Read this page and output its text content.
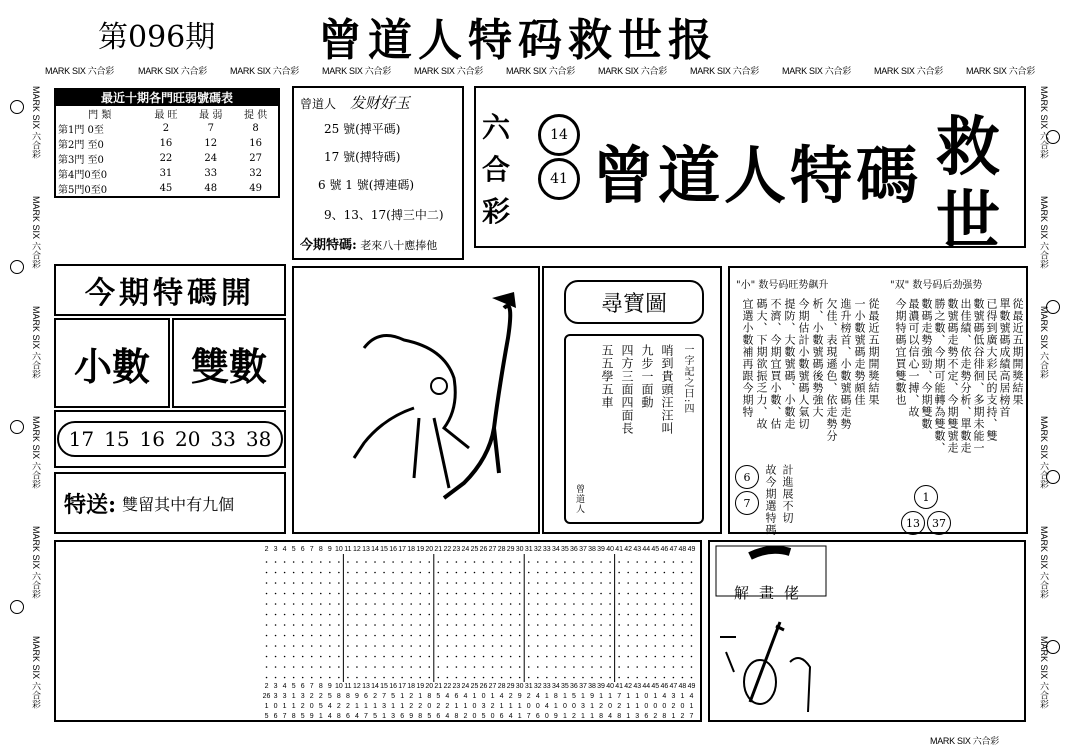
第096期 曾道人特码救世报
MARK SIX 六合彩	MARK SIX 六合彩	MARK SIX 六合彩	MARK SIX 六合彩	MARK SIX 六合彩	MARK SIX 六合彩	MARK SIX 六合彩	MARK SIX 六合彩	MARK SIX 六合彩	MARK SIX 六合彩	MARK SIX 六合彩
MARK SIX 六合彩
MARK SIX 六合彩
MARK SIX 六合彩
MARK SIX 六合彩
MARK SIX 六合彩
MARK SIX 六合彩
MARK SIX 六合彩
MARK SIX 六合彩
MARK SIX 六合彩
MARK SIX 六合彩
MARK SIX 六合彩
MARK SIX 六合彩
最近十期各門旺弱號碼表
門 類	最 旺	最 弱	提 供
第1門 0至	2	7	8
第2門 至0	16	12	16
第3門 至0	22	24	27
第4門0至0	31	33	32
第5門0至0	45	48	49
曾道人 发财好玉
25 號(搏平碼)
17 號(搏特碼)
6 號 1 號(搏連碼)
9、13、17(搏三中二)
今期特碼: 老來八十應捧他
六
合
彩
14
41 曾道人特碼 救
世
今期特碼開
小數 雙數
17 15 16 20 33 38
特送: 雙留其中有九個
尋寶圖
一字記之曰:四
哨到貴頭汪汪叫
九步一面動
四方三面四面長
五五學五車
曾道人
"小" 数号码旺势飙升	"双" 数号码后劲强势
從最近五期開獎結果
一小數號碼走勢頗佳
進升榜首、小數號碼走勢
欠佳、表現遜色、依走勢分
析、小數號碼後勢強大
今期估計小數號碼人氣切
提防、大數號碼、小數走
不濟、今期宜買小數、估
碼大、下期欲振乏力、故
宜選小數補再跟今期特
6
7	故今期選特碼 計進展不切
從最近五期開獎結果
單數號碼成績高居榜首
已得到廣大彩民的支持、雙
數號碼低谷徘徊、多期未能一
出佳績、依走勢分析、單數走
數號碼走勢不定、今期雙號走
勝之數、今期可能轉為雙數、
數碼走勢強勁、今期雙數
最濃可以信心一搏、故
今期特碼宜買雙數也
1
13 37
2 3 4 5 6 7 8 9 10 11 12 13 14 15 16 17 18 19 20 21 22 23 24 25 26 27 28 29 30 31 32 33 34 35 36 37 38 39 40 41 42 43 44 45 46 47 48 49
2 3 4 5 6 7 8 9 10 11 12 13 14 15 16 17 18 19 20 21 22 23 24 25 26 27 28 29 30 31 32 33 34 35 36 37 38 39 40 41 42 43 44 45 46 47 48 49
26 3 3 1 3 2 2 5 8 8 9 6 2 7 5 1 2 1 8 5 4 6 4 1 0 1 4 2 9 2 4 1 8 1 5 1 9 1 1 7 1 1 0 1 4 3 1 4
1 0 1 1 2 0 5 4 2 2 1 1 1 3 1 1 2 2 0 2 2 1 1 0 3 2 1 1 1 0 0 4 1 0 0 3 1 2 0 2 1 1 0 0 0 2 0 1
5 6 7 8 5 9 1 4 8 6 4 7 5 1 3 6 9 8 5 6 4 8 2 0 5 0 6 4 1 7 6 0 9 1 2 1 1 8 4 8 1 3 6 2 8 1 2 7
解畫佬
MARK SIX 六合彩
